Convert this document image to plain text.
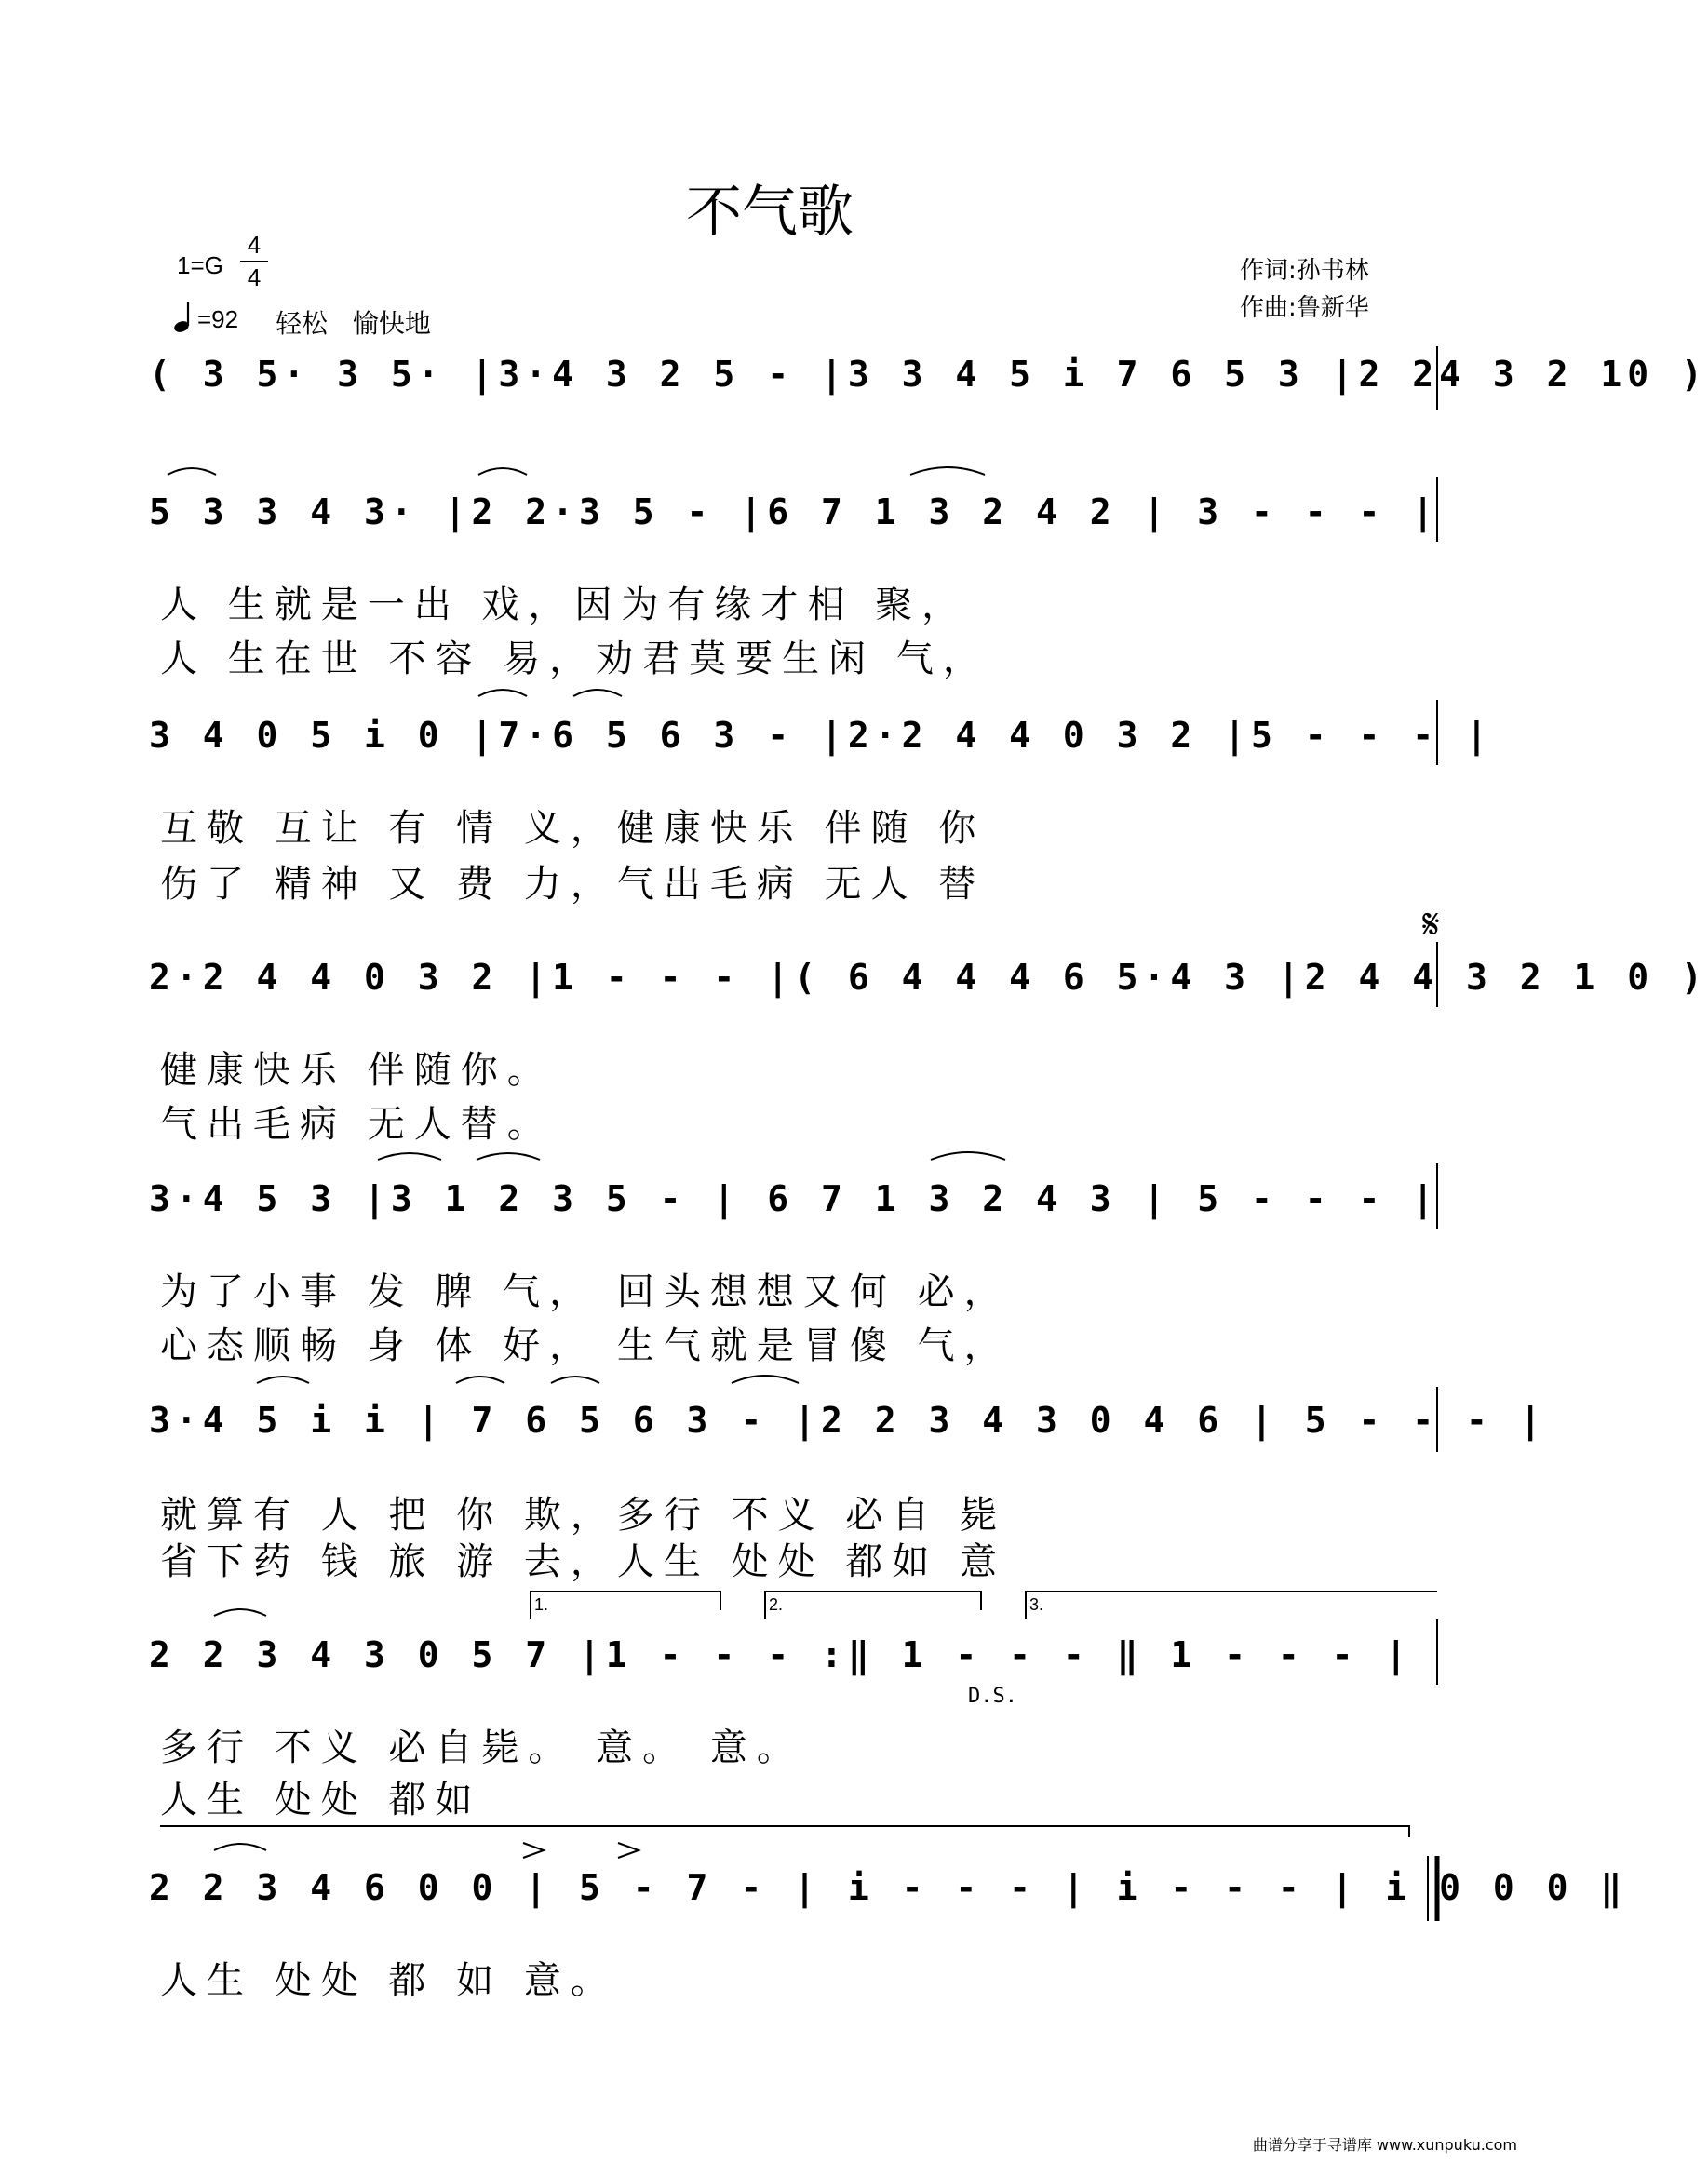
不气歌
1=G
4
4
=92 轻松 愉快地
作词:孙书林
作曲:鲁新华
( 3 5· 3 5· |3·4 3 2 5 - |3 3 4 5 i 7 6 5 3 |2 24 3 2 10 )
5 3 3 4 3· |2 2·3 5 - |6 7 1 3 2 4 2 | 3 - - - |
人 生就是一出 戏，因为有缘才相 聚，
人 生在世 不容 易，劝君莫要生闲 气，
3 4 0 5 i 0 |7·6 5 6 3 - |2·2 4 4 0 3 2 |5 - - - |
互敬 互让 有 情 义，健康快乐 伴随 你
伤了 精神 又 费 力，气出毛病 无人 替
𝄋
2·2 4 4 0 3 2 |1 - - - |( 6 4 4 4 6 5·4 3 |2 4 4 3 2 1 0 )
健康快乐 伴随你。
气出毛病 无人替。
3·4 5 3 |3 1 2 3 5 - | 6 7 1 3 2 4 3 | 5 - - - |
为了小事 发 脾 气， 回头想想又何 必，
心态顺畅 身 体 好， 生气就是冒傻 气，
3·4 5 i i | 7 6 5 6 3 - |2 2 3 4 3 0 4 6 | 5 - - - |
就算有 人 把 你 欺，多行 不义 必自 毙
省下药 钱 旅 游 去，人生 处处 都如 意
1.	2.	3.
2 2 3 4 3 0 5 7 |1 - - - :‖ 1 - - - ‖ 1 - - - |
D.S.
多行 不义 必自毙。 意。 意。
人生 处处 都如
2 2 3 4 6 0 0 | 5 - 7 - | i - - - | i - - - | i 0 0 0 ‖
人生 处处 都 如 意。
曲谱分享于寻谱库 www.xunpuku.com
